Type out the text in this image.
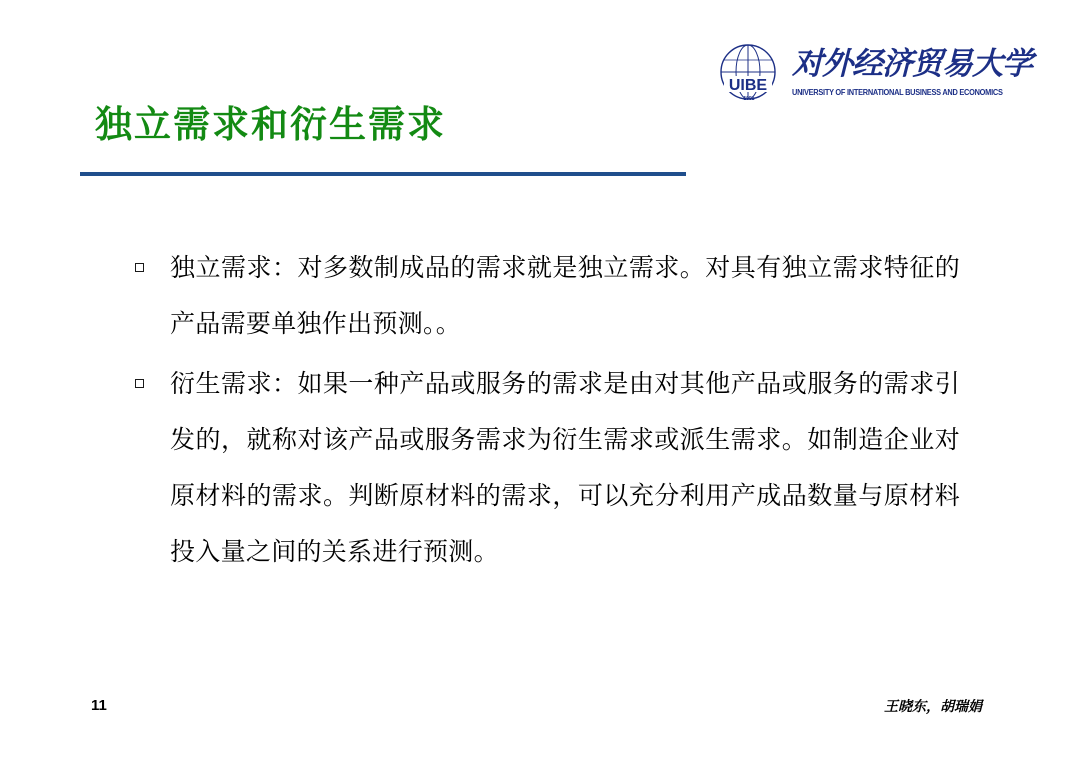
UIBE
1951
对外经济贸易大学
UNIVERSITY OF INTERNATIONAL BUSINESS AND ECONOMICS
独立需求和衍生需求
独立需求：对多数制成品的需求就是独立需求。对具有独立需求特征的产品需要单独作出预测。。
衍生需求：如果一种产品或服务的需求是由对其他产品或服务的需求引发的，就称对该产品或服务需求为衍生需求或派生需求。如制造企业对原材料的需求。判断原材料的需求，可以充分利用产成品数量与原材料投入量之间的关系进行预测。
11	王晓东，胡瑞娟
